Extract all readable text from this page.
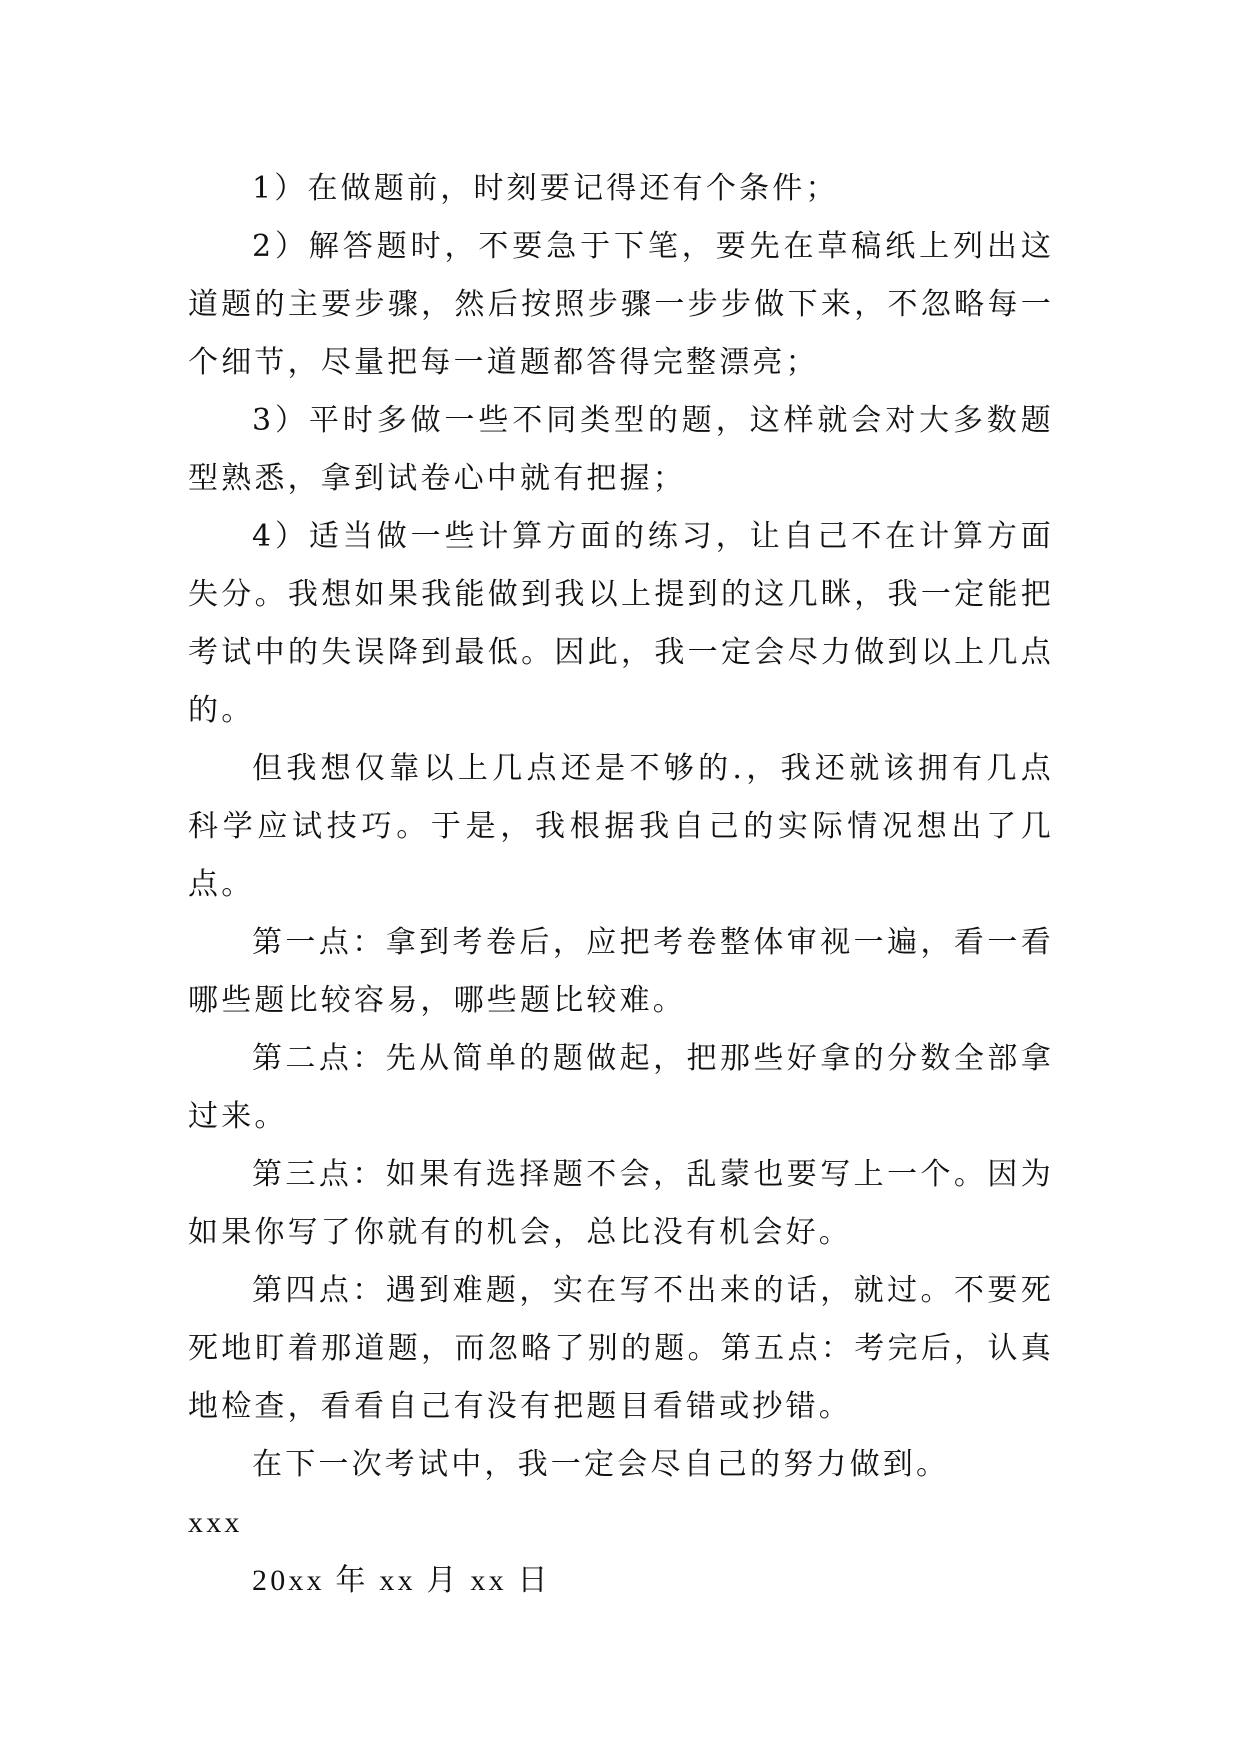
1）在做题前，时刻要记得还有个条件；

2）解答题时，不要急于下笔，要先在草稿纸上列出这道题的主要步骤，然后按照步骤一步步做下来，不忽略每一个细节，尽量把每一道题都答得完整漂亮；

3）平时多做一些不同类型的题，这样就会对大多数题型熟悉，拿到试卷心中就有把握；

4）适当做一些计算方面的练习，让自己不在计算方面失分。我想如果我能做到我以上提到的这几眯，我一定能把考试中的失误降到最低。因此，我一定会尽力做到以上几点的。

但我想仅靠以上几点还是不够的.，我还就该拥有几点科学应试技巧。于是，我根据我自己的实际情况想出了几点。

第一点：拿到考卷后，应把考卷整体审视一遍，看一看哪些题比较容易，哪些题比较难。

第二点：先从简单的题做起，把那些好拿的分数全部拿过来。

第三点：如果有选择题不会，乱蒙也要写上一个。因为如果你写了你就有的机会，总比没有机会好。

第四点：遇到难题，实在写不出来的话，就过。不要死死地盯着那道题，而忽略了别的题。第五点：考完后，认真地检查，看看自己有没有把题目看错或抄错。

在下一次考试中，我一定会尽自己的努力做到。

xxx

20xx 年 xx 月 xx 日
